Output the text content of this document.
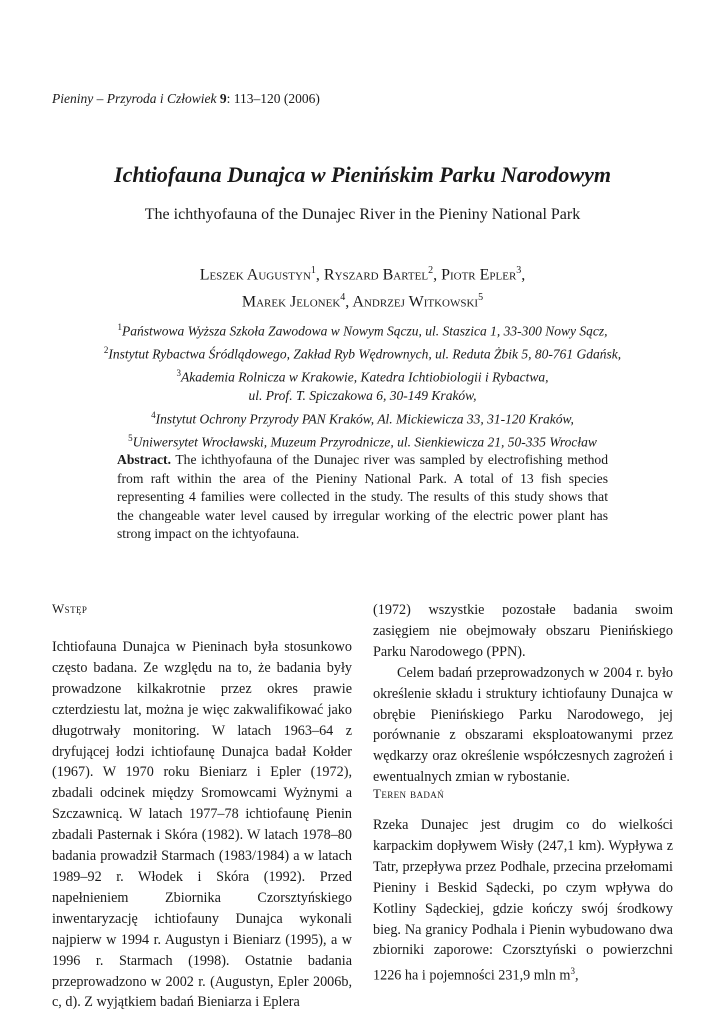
Pieniny – Przyroda i Człowiek 9: 113–120 (2006)
Ichtiofauna Dunajca w Pienińskim Parku Narodowym
The ichthyofauna of the Dunajec River in the Pieniny National Park
Leszek Augustyn$^1$, Ryszard Bartel$^2$, Piotr Epler$^3$,
Marek Jelonek$^4$, Andrzej Witkowski$^5$
$^1$Państwowa Wyższa Szkoła Zawodowa w Nowym Sączu, ul. Staszica 1, 33-300 Nowy Sącz,
$^2$Instytut Rybactwa Śródlądowego, Zakład Ryb Wędrownych, ul. Reduta Żbik 5, 80-761 Gdańsk,
$^3$Akademia Rolnicza w Krakowie, Katedra Ichtiobiologii i Rybactwa,
ul. Prof. T. Spiczakowa 6, 30-149 Kraków,
$^4$Instytut Ochrony Przyrody PAN Kraków, Al. Mickiewicza 33, 31-120 Kraków,
$^5$Uniwersytet Wrocławski, Muzeum Przyrodnicze, ul. Sienkiewicza 21, 50-335 Wrocław
Abstract. The ichthyofauna of the Dunajec river was sampled by electrofishing method from raft within the area of the Pieniny National Park. A total of 13 fish species representing 4 families were collected in the study. The results of this study shows that the changeable water level caused by irregular working of the electric power plant has strong impact on the ichtyofauna.
Wstęp

Ichtiofauna Dunajca w Pieninach była stosunkowo często badana. Ze względu na to, że badania były prowadzone kilkakrotnie przez okres prawie czterdziestu lat, można je więc zakwalifikować jako długotrwały monitoring. W latach 1963–64 z dryfującej łodzi ichtiofaunę Dunajca badał Kołder (1967). W 1970 roku Bieniarz i Epler (1972), zbadali odcinek między Sromowcami Wyżnymi a Szczawnicą. W latach 1977–78 ichtiofaunę Pienin zbadali Pasternak i Skóra (1982). W latach 1978–80 badania prowadził Starmach (1983/1984) a w latach 1989–92 r. Włodek i Skóra (1992). Przed napełnieniem Zbiornika Czorsztyńskiego inwentaryzację ichtiofauny Dunajca wykonali najpierw w 1994 r. Augustyn i Bieniarz (1995), a w 1996 r. Starmach (1998). Ostatnie badania przeprowadzono w 2002 r. (Augustyn, Epler 2006b, c, d). Z wyjątkiem badań Bieniarza i Eplera

(1972) wszystkie pozostałe badania swoim zasięgiem nie obejmowały obszaru Pienińskiego Parku Narodowego (PPN).

Celem badań przeprowadzonych w 2004 r. było określenie składu i struktury ichtiofauny Dunajca w obrębie Pienińskiego Parku Narodowego, jej porównanie z obszarami eksploatowanymi przez wędkarzy oraz określenie współczesnych zagrożeń i ewentualnych zmian w rybostanie.

Teren badań

Rzeka Dunajec jest drugim co do wielkości karpackim dopływem Wisły (247,1 km). Wypływa z Tatr, przepływa przez Podhale, przecina przełomami Pieniny i Beskid Sądecki, po czym wpływa do Kotliny Sądeckiej, gdzie kończy swój środkowy bieg. Na granicy Podhala i Pienin wybudowano dwa zbiorniki zaporowe: Czorsztyński o powierzchni 1226 ha i pojemności 231,9 mln $m^3$,
